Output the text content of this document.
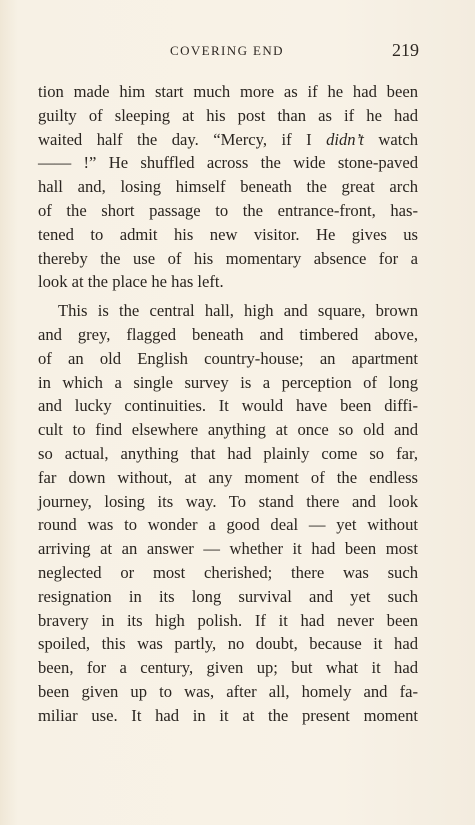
COVERING END	219
tion made him start much more as if he had been
guilty of sleeping at his post than as if he had
waited half the day. “Mercy, if I didn’t watch
—— !” He shuffled across the wide stone-paved
hall and, losing himself beneath the great arch
of the short passage to the entrance-front, has-
tened to admit his new visitor. He gives us
thereby the use of his momentary absence for a
look at the place he has left.
This is the central hall, high and square, brown
and grey, flagged beneath and timbered above,
of an old English country-house; an apartment
in which a single survey is a perception of long
and lucky continuities. It would have been diffi-
cult to find elsewhere anything at once so old and
so actual, anything that had plainly come so far,
far down without, at any moment of the endless
journey, losing its way. To stand there and look
round was to wonder a good deal — yet without
arriving at an answer — whether it had been most
neglected or most cherished; there was such
resignation in its long survival and yet such
bravery in its high polish. If it had never been
spoiled, this was partly, no doubt, because it had
been, for a century, given up; but what it had
been given up to was, after all, homely and fa-
miliar use. It had in it at the present moment
